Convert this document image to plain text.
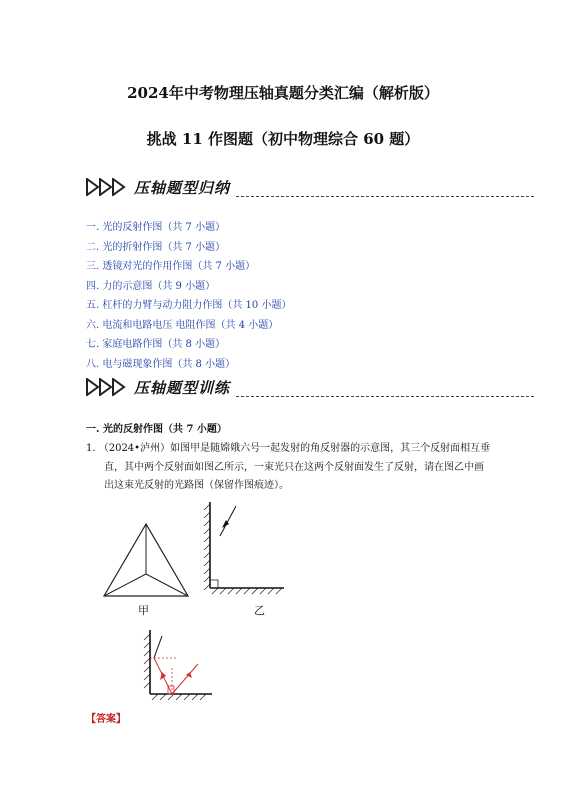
2024年中考物理压轴真题分类汇编（解析版）
挑战 11 作图题（初中物理综合 60 题）
压轴题型归纳
一. 光的反射作图（共 7 小题）
二. 光的折射作图（共 7 小题）
三. 透镜对光的作用作图（共 7 小题）
四. 力的示意图（共 9 小题）
五. 杠杆的力臂与动力阻力作图（共 10 小题）
六. 电流和电路电压 电阻作图（共 4 小题）
七. 家庭电路作图（共 8 小题）
八. 电与磁现象作图（共 8 小题）
压轴题型训练
一. 光的反射作图（共 7 小题）
1. （2024•泸州）如图甲是随嫦娥六号一起发射的角反射器的示意图，其三个反射面相互垂
直，其中两个反射面如图乙所示，一束光只在这两个反射面发生了反射，请在图乙中画
出这束光反射的光路图（保留作图痕迹）。
甲	乙
【答案】
